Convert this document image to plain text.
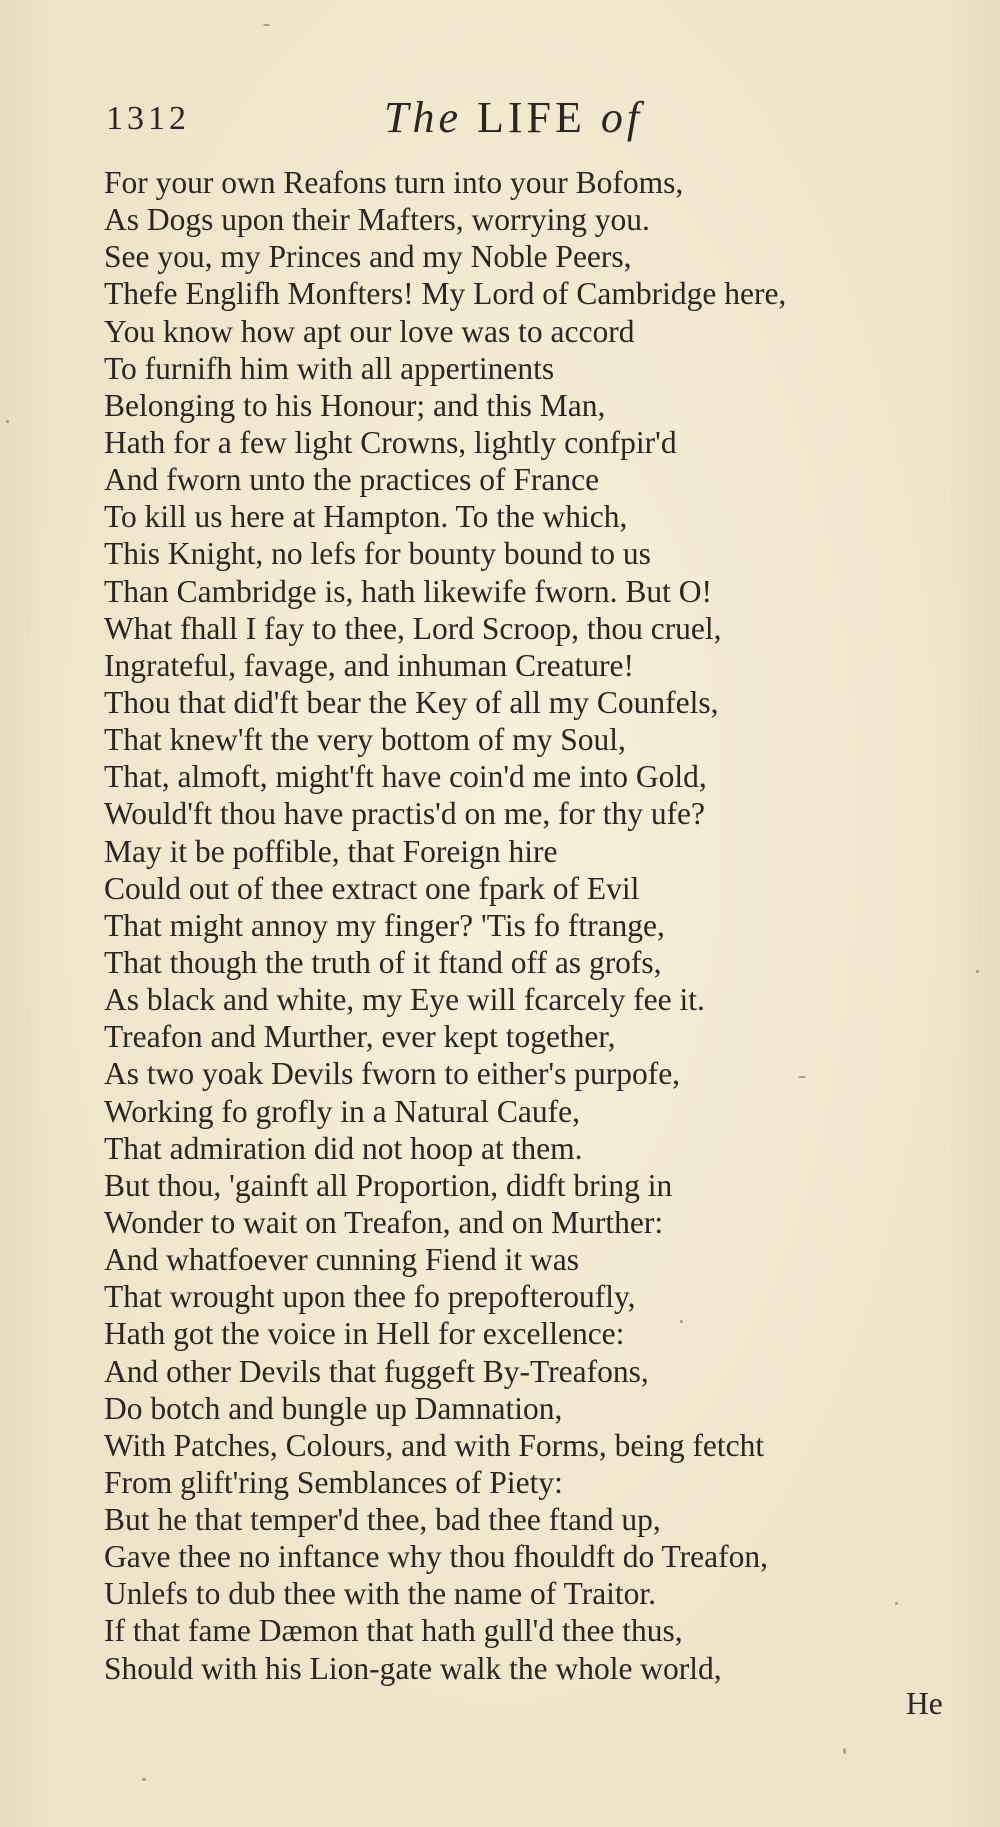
1312	The LIFE of
For your own Reafons turn into your Bofoms,
As Dogs upon their Mafters, worrying you.
See you, my Princes and my Noble Peers,
Thefe Englifh Monfters! My Lord of Cambridge here,
You know how apt our love was to accord
To furnifh him with all appertinents
Belonging to his Honour; and this Man,
Hath for a few light Crowns, lightly confpir'd
And fworn unto the practices of France
To kill us here at Hampton. To the which,
This Knight, no lefs for bounty bound to us
Than Cambridge is, hath likewife fworn. But O!
What fhall I fay to thee, Lord Scroop, thou cruel,
Ingrateful, favage, and inhuman Creature!
Thou that did'ft bear the Key of all my Counfels,
That knew'ft the very bottom of my Soul,
That, almoft, might'ft have coin'd me into Gold,
Would'ft thou have practis'd on me, for thy ufe?
May it be poffible, that Foreign hire
Could out of thee extract one fpark of Evil
That might annoy my finger? 'Tis fo ftrange,
That though the truth of it ftand off as grofs,
As black and white, my Eye will fcarcely fee it.
Treafon and Murther, ever kept together,
As two yoak Devils fworn to either's purpofe,
Working fo grofly in a Natural Caufe,
That admiration did not hoop at them.
But thou, 'gainft all Proportion, didft bring in
Wonder to wait on Treafon, and on Murther:
And whatfoever cunning Fiend it was
That wrought upon thee fo prepofteroufly,
Hath got the voice in Hell for excellence:
And other Devils that fuggeft By-Treafons,
Do botch and bungle up Damnation,
With Patches, Colours, and with Forms, being fetcht
From glift'ring Semblances of Piety:
But he that temper'd thee, bad thee ftand up,
Gave thee no inftance why thou fhouldft do Treafon,
Unlefs to dub thee with the name of Traitor.
If that fame Dæmon that hath gull'd thee thus,
Should with his Lion-gate walk the whole world,
He
